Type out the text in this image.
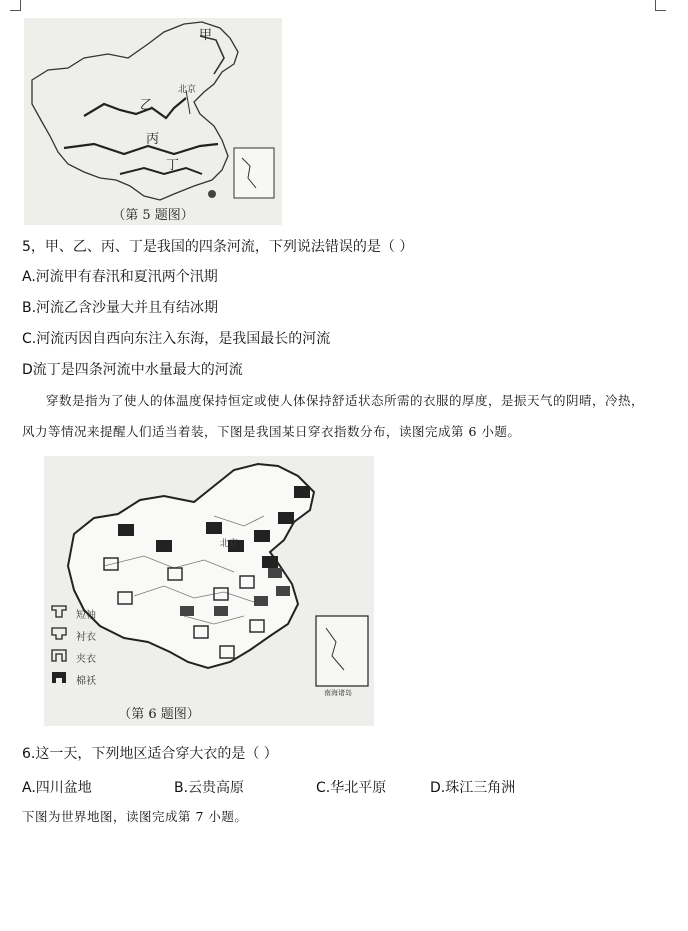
甲
北京
乙
丙
丁
（第 5 题图）
5，甲、乙、丙、丁是我国的四条河流，下列说法错误的是（ ）
A.河流甲有春汛和夏汛两个汛期
B.河流乙含沙量大并且有结冰期
C.河流丙因自西向东注入东海，是我国最长的河流
D流丁是四条河流中水量最大的河流
穿数是指为了使人的体温度保持恒定或使人体保持舒适状态所需的衣服的厚度，是振天气的阴晴，冷热，
风力等情况来提醒人们适当着装，下图是我国某日穿衣指数分布，读图完成第 6 小题。
北京
短袖
衬衣
夹衣
棉袄
南海诸岛
（第 6 题图）
6.这一天，下列地区适合穿大衣的是（ ）
A.四川盆地	B.云贵高原	C.华北平原	D.珠江三角洲
下图为世界地图，读图完成第 7 小题。
